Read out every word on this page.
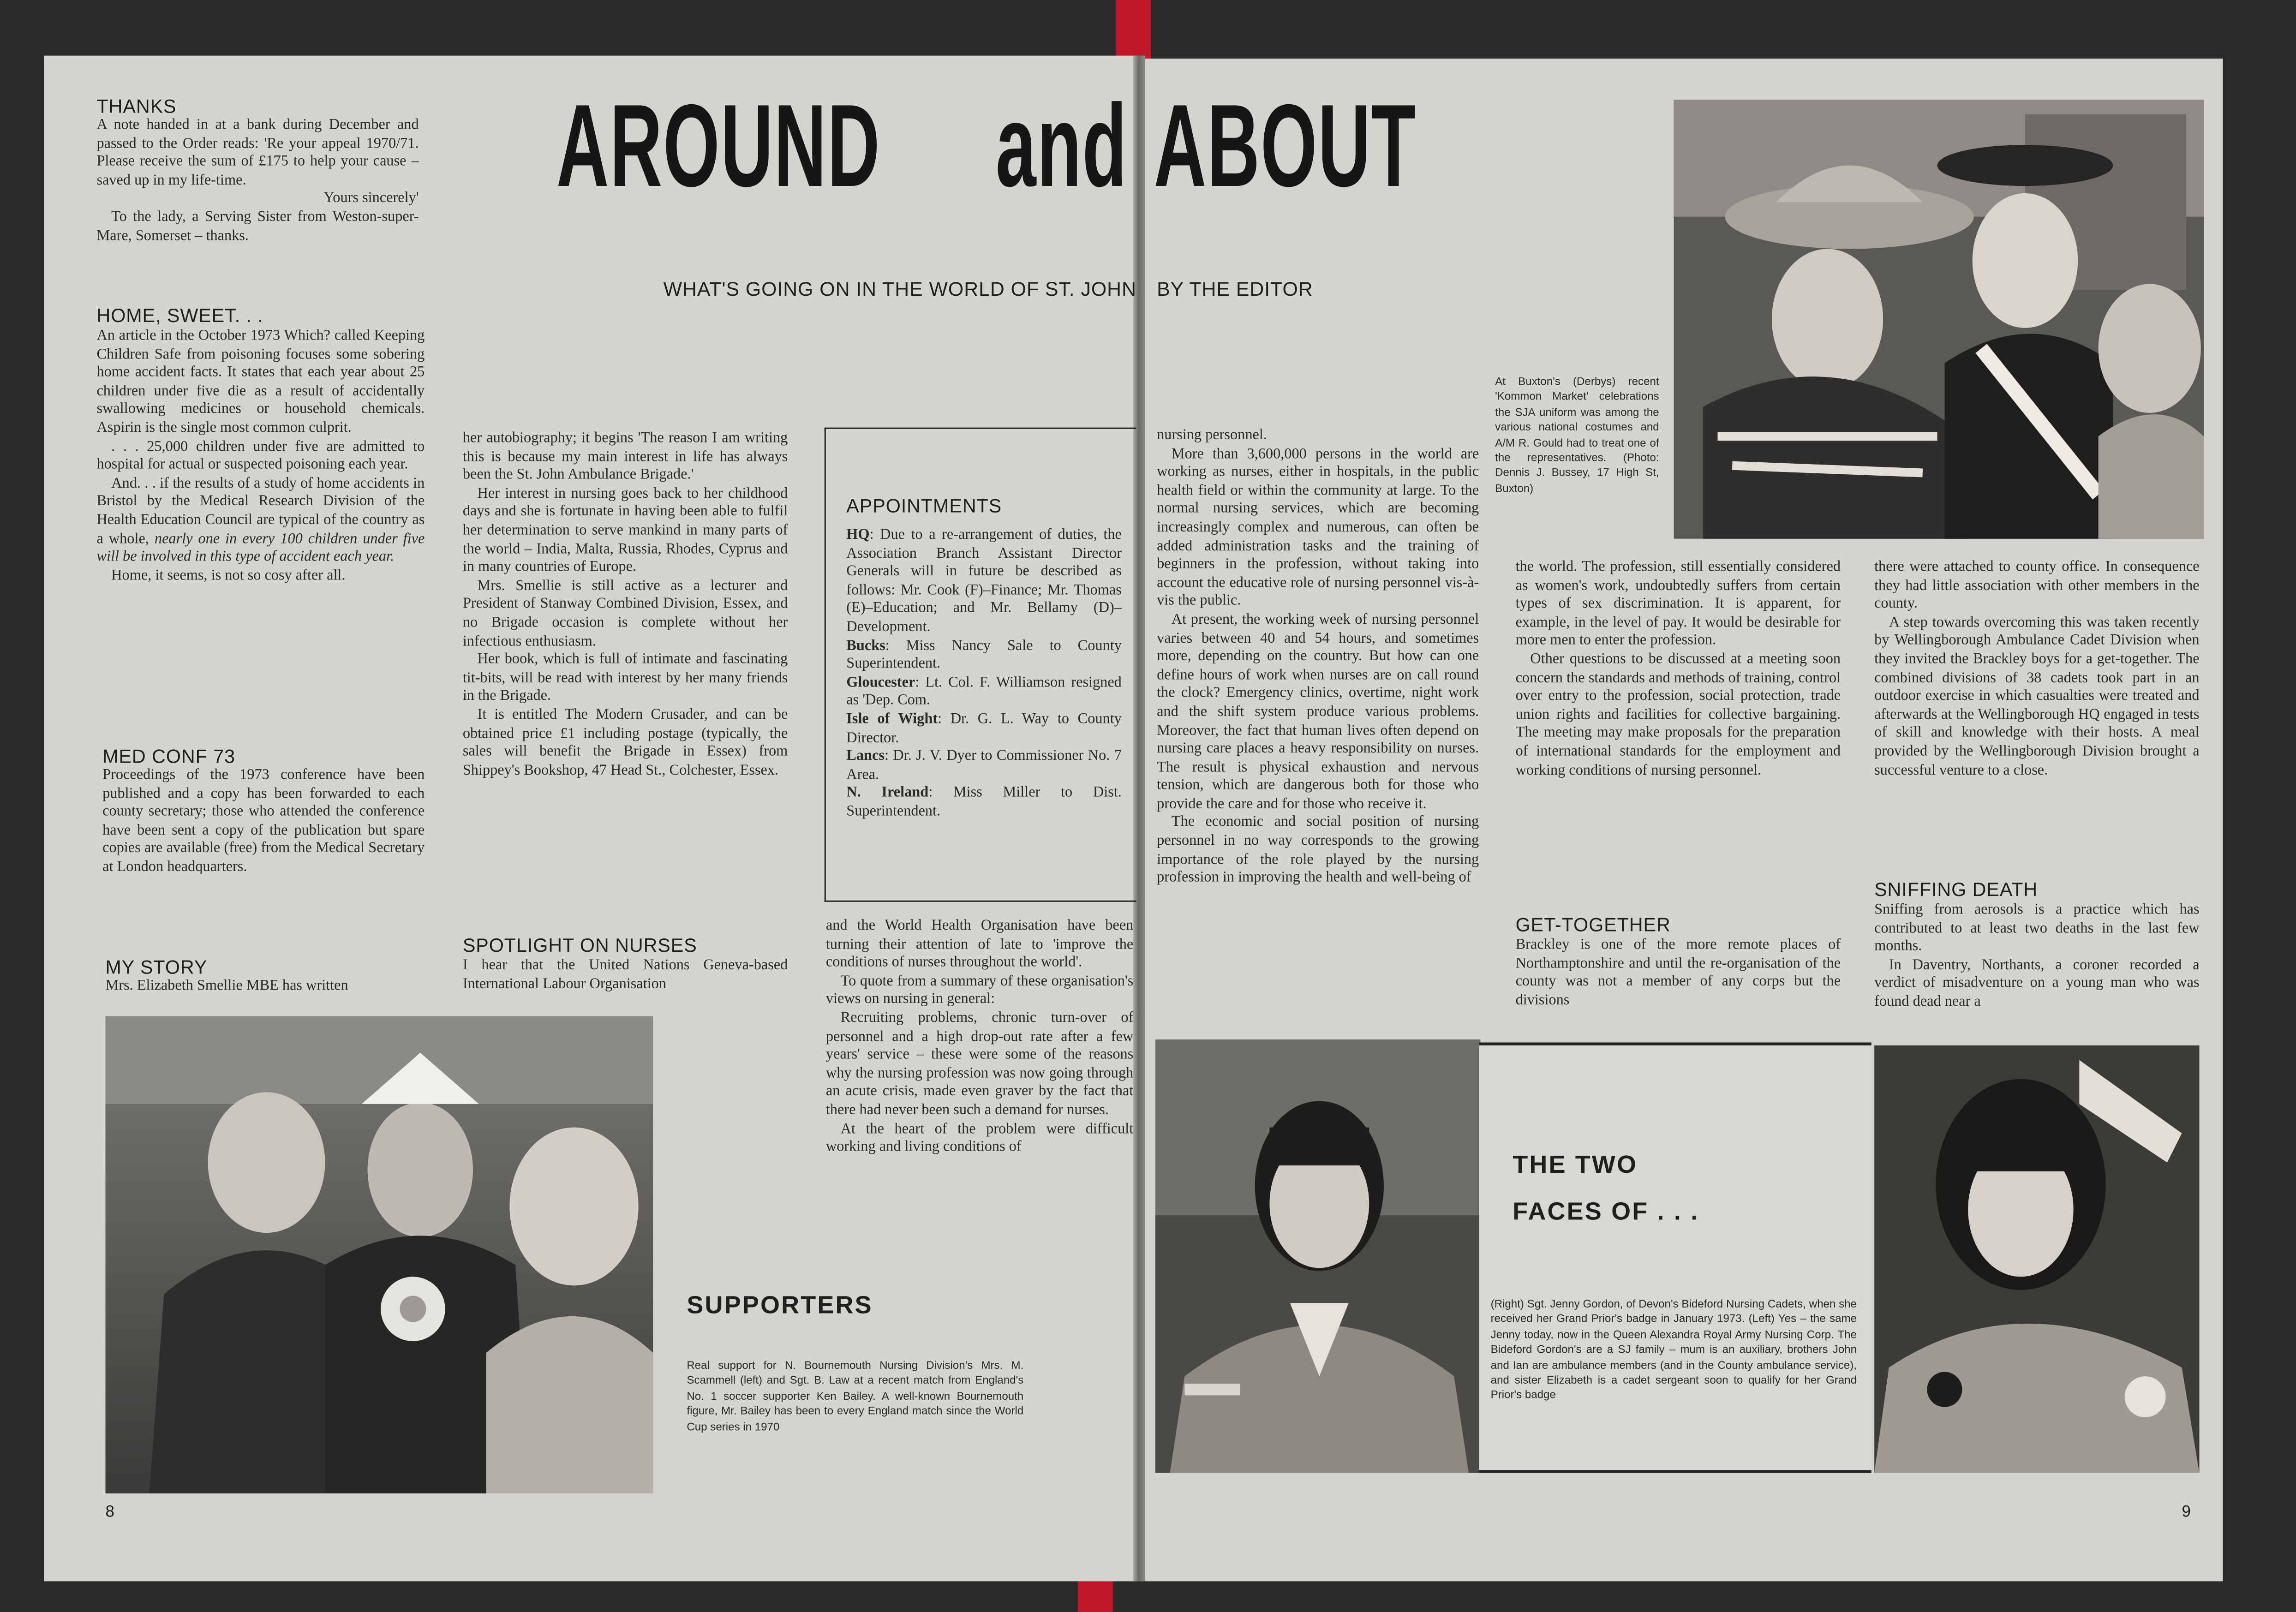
AROUND	and ABOUT
WHAT'S GOING ON IN THE WORLD OF ST. JOHN	BY THE EDITOR
THANKS

A note handed in at a bank during December and passed to the Order reads: 'Re your appeal 1970/71. Please receive the sum of £175 to help your cause – saved up in my life-time.

Yours sincerely'

To the lady, a Serving Sister from Weston-super-Mare, Somerset – thanks.

HOME, SWEET. . .

An article in the October 1973 Which? called Keeping Children Safe from poisoning focuses some sobering home accident facts. It states that each year about 25 children under five die as a result of accidentally swallowing medicines or household chemicals. Aspirin is the single most common culprit.

. . . 25,000 children under five are admitted to hospital for actual or suspected poisoning each year.

And. . . if the results of a study of home accidents in Bristol by the Medical Research Division of the Health Education Council are typical of the country as a whole, nearly one in every 100 children under five will be involved in this type of accident each year.

Home, it seems, is not so cosy after all.

MED CONF 73

Proceedings of the 1973 conference have been published and a copy has been forwarded to each county secretary; those who attended the conference have been sent a copy of the publication but spare copies are available (free) from the Medical Secretary at London headquarters.

MY STORY

Mrs. Elizabeth Smellie MBE has written

her autobiography; it begins 'The reason I am writing this is because my main interest in life has always been the St. John Ambulance Brigade.'

Her interest in nursing goes back to her childhood days and she is fortunate in having been able to fulfil her determination to serve mankind in many parts of the world – India, Malta, Russia, Rhodes, Cyprus and in many countries of Europe.

Mrs. Smellie is still active as a lecturer and President of Stanway Combined Division, Essex, and no Brigade occasion is complete without her infectious enthusiasm.

Her book, which is full of intimate and fascinating tit-bits, will be read with interest by her many friends in the Brigade.

It is entitled The Modern Crusader, and can be obtained price £1 including postage (typically, the sales will benefit the Brigade in Essex) from Shippey's Bookshop, 47 Head St., Colchester, Essex.

SPOTLIGHT ON NURSES

I hear that the United Nations Geneva-based International Labour Organisation

APPOINTMENTS

HQ: Due to a re-arrangement of duties, the Association Branch Assistant Director Generals will in future be described as follows: Mr. Cook (F)–Finance; Mr. Thomas (E)–Education; and Mr. Bellamy (D)–Development.

Bucks: Miss Nancy Sale to County Superintendent.

Gloucester: Lt. Col. F. Williamson resigned as 'Dep. Com.

Isle of Wight: Dr. G. L. Way to County Director.

Lancs: Dr. J. V. Dyer to Commissioner No. 7 Area.

N. Ireland: Miss Miller to Dist. Superintendent.

and the World Health Organisation have been turning their attention of late to 'improve the conditions of nurses throughout the world'.

To quote from a summary of these organisation's views on nursing in general:

Recruiting problems, chronic turn-over of personnel and a high drop-out rate after a few years' service – these were some of the reasons why the nursing profession was now going through an acute crisis, made even graver by the fact that there had never been such a demand for nurses.

At the heart of the problem were difficult working and living conditions of

SUPPORTERS

Real support for N. Bournemouth Nursing Division's Mrs. M. Scammell (left) and Sgt. B. Law at a recent match from England's No. 1 soccer supporter Ken Bailey. A well-known Bournemouth figure, Mr. Bailey has been to every England match since the World Cup series in 1970

8

nursing personnel.

More than 3,600,000 persons in the world are working as nurses, either in hospitals, in the public health field or within the community at large. To the normal nursing services, which are becoming increasingly complex and numerous, can often be added administration tasks and the training of beginners in the profession, without taking into account the educative role of nursing personnel vis-à-vis the public.

At present, the working week of nursing personnel varies between 40 and 54 hours, and sometimes more, depending on the country. But how can one define hours of work when nurses are on call round the clock? Emergency clinics, overtime, night work and the shift system produce various problems. Moreover, the fact that human lives often depend on nursing care places a heavy responsibility on nurses. The result is physical exhaustion and nervous tension, which are dangerous both for those who provide the care and for those who receive it.

The economic and social position of nursing personnel in no way corresponds to the growing importance of the role played by the nursing profession in improving the health and well-being of

At Buxton's (Derbys) recent 'Kommon Market' celebrations the SJA uniform was among the various national costumes and A/M R. Gould had to treat one of the representatives. (Photo: Dennis J. Bussey, 17 High St, Buxton)

the world. The profession, still essentially considered as women's work, undoubtedly suffers from certain types of sex discrimination. It is apparent, for example, in the level of pay. It would be desirable for more men to enter the profession.

Other questions to be discussed at a meeting soon concern the standards and methods of training, control over entry to the profession, social protection, trade union rights and facilities for collective bargaining. The meeting may make proposals for the preparation of international standards for the employment and working conditions of nursing personnel.

GET-TOGETHER

Brackley is one of the more remote places of Northamptonshire and until the re-organisation of the county was not a member of any corps but the divisions

there were attached to county office. In consequence they had little association with other members in the county.

A step towards overcoming this was taken recently by Wellingborough Ambulance Cadet Division when they invited the Brackley boys for a get-together. The combined divisions of 38 cadets took part in an outdoor exercise in which casualties were treated and afterwards at the Wellingborough HQ engaged in tests of skill and knowledge with their hosts. A meal provided by the Wellingborough Division brought a successful venture to a close.

SNIFFING DEATH

Sniffing from aerosols is a practice which has contributed to at least two deaths in the last few months.

In Daventry, Northants, a coroner recorded a verdict of misadventure on a young man who was found dead near a

THE TWO
FACES OF . . .

(Right) Sgt. Jenny Gordon, of Devon's Bideford Nursing Cadets, when she received her Grand Prior's badge in January 1973. (Left) Yes – the same Jenny today, now in the Queen Alexandra Royal Army Nursing Corp. The Bideford Gordon's are a SJ family – mum is an auxiliary, brothers John and Ian are ambulance members (and in the County ambulance service), and sister Elizabeth is a cadet sergeant soon to qualify for her Grand Prior's badge

9
